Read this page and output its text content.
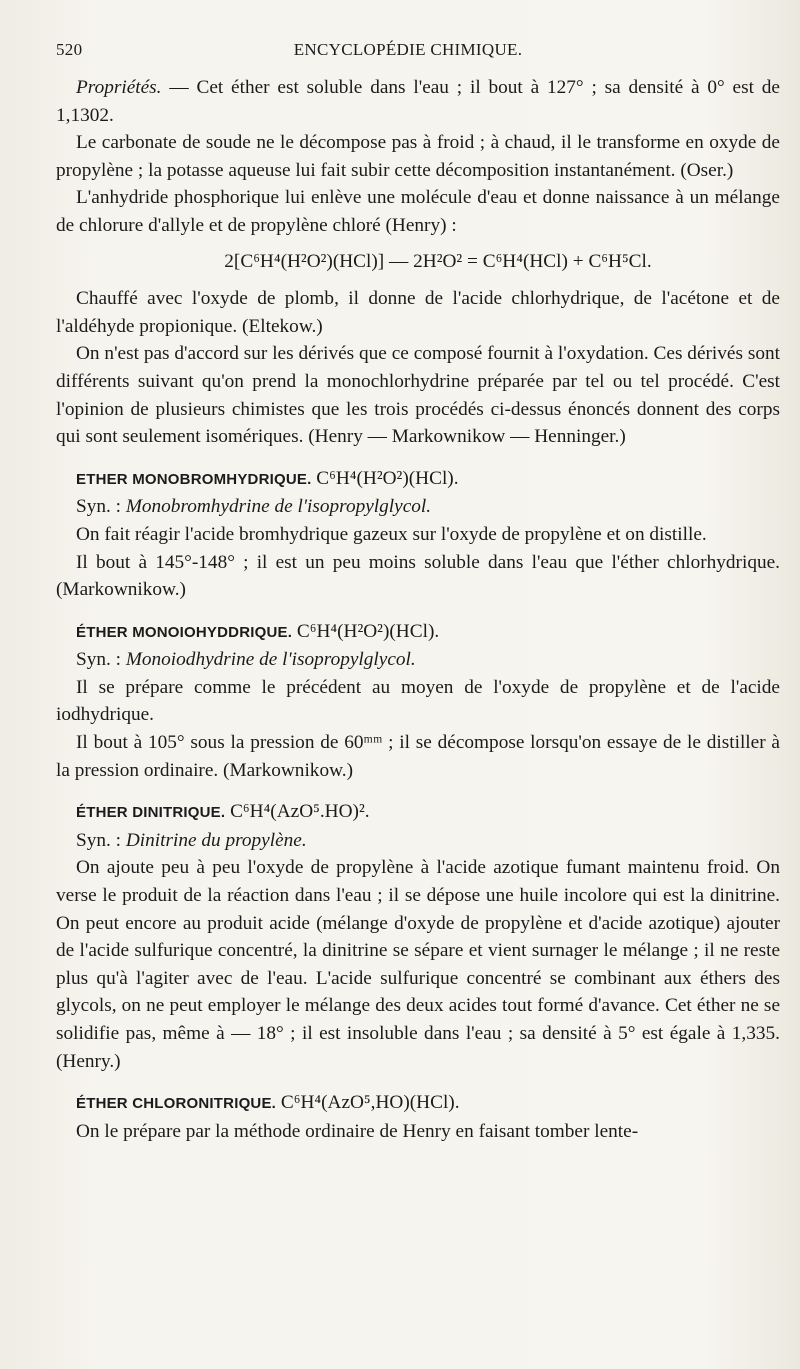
520	ENCYCLOPÉDIE CHIMIQUE.

Propriétés. — Cet éther est soluble dans l'eau ; il bout à 127° ; sa densité à 0° est de 1,1302.

Le carbonate de soude ne le décompose pas à froid ; à chaud, il le transforme en oxyde de propylène ; la potasse aqueuse lui fait subir cette décomposition instantanément. (Oser.)

L'anhydride phosphorique lui enlève une molécule d'eau et donne naissance à un mélange de chlorure d'allyle et de propylène chloré (Henry) :

2[C⁶H⁴(H²O²)(HCl)] — 2H²O² = C⁶H⁴(HCl) + C⁶H⁵Cl.

Chauffé avec l'oxyde de plomb, il donne de l'acide chlorhydrique, de l'acétone et de l'aldéhyde propionique. (Eltekow.)

On n'est pas d'accord sur les dérivés que ce composé fournit à l'oxydation. Ces dérivés sont différents suivant qu'on prend la monochlorhydrine préparée par tel ou tel procédé. C'est l'opinion de plusieurs chimistes que les trois procédés ci-dessus énoncés donnent des corps qui sont seulement isomériques. (Henry — Markownikow — Henninger.)

ETHER MONOBROMHYDRIQUE. C⁶H⁴(H²O²)(HCl).

Syn. : Monobromhydrine de l'isopropylglycol.

On fait réagir l'acide bromhydrique gazeux sur l'oxyde de propylène et on distille.

Il bout à 145°-148° ; il est un peu moins soluble dans l'eau que l'éther chlorhydrique. (Markownikow.)

ÉTHER MONOIOHYDDRIQUE. C⁶H⁴(H²O²)(HCl).

Syn. : Monoiodhydrine de l'isopropylglycol.

Il se prépare comme le précédent au moyen de l'oxyde de propylène et de l'acide iodhydrique.

Il bout à 105° sous la pression de 60ᵐᵐ ; il se décompose lorsqu'on essaye de le distiller à la pression ordinaire. (Markownikow.)

ÉTHER DINITRIQUE. C⁶H⁴(AzO⁵.HO)².

Syn. : Dinitrine du propylène.

On ajoute peu à peu l'oxyde de propylène à l'acide azotique fumant maintenu froid. On verse le produit de la réaction dans l'eau ; il se dépose une huile incolore qui est la dinitrine. On peut encore au produit acide (mélange d'oxyde de propylène et d'acide azotique) ajouter de l'acide sulfurique concentré, la dinitrine se sépare et vient surnager le mélange ; il ne reste plus qu'à l'agiter avec de l'eau. L'acide sulfurique concentré se combinant aux éthers des glycols, on ne peut employer le mélange des deux acides tout formé d'avance. Cet éther ne se solidifie pas, même à — 18° ; il est insoluble dans l'eau ; sa densité à 5° est égale à 1,335. (Henry.)

ÉTHER CHLORONITRIQUE. C⁶H⁴(AzO⁵,HO)(HCl).

On le prépare par la méthode ordinaire de Henry en faisant tomber lente-
